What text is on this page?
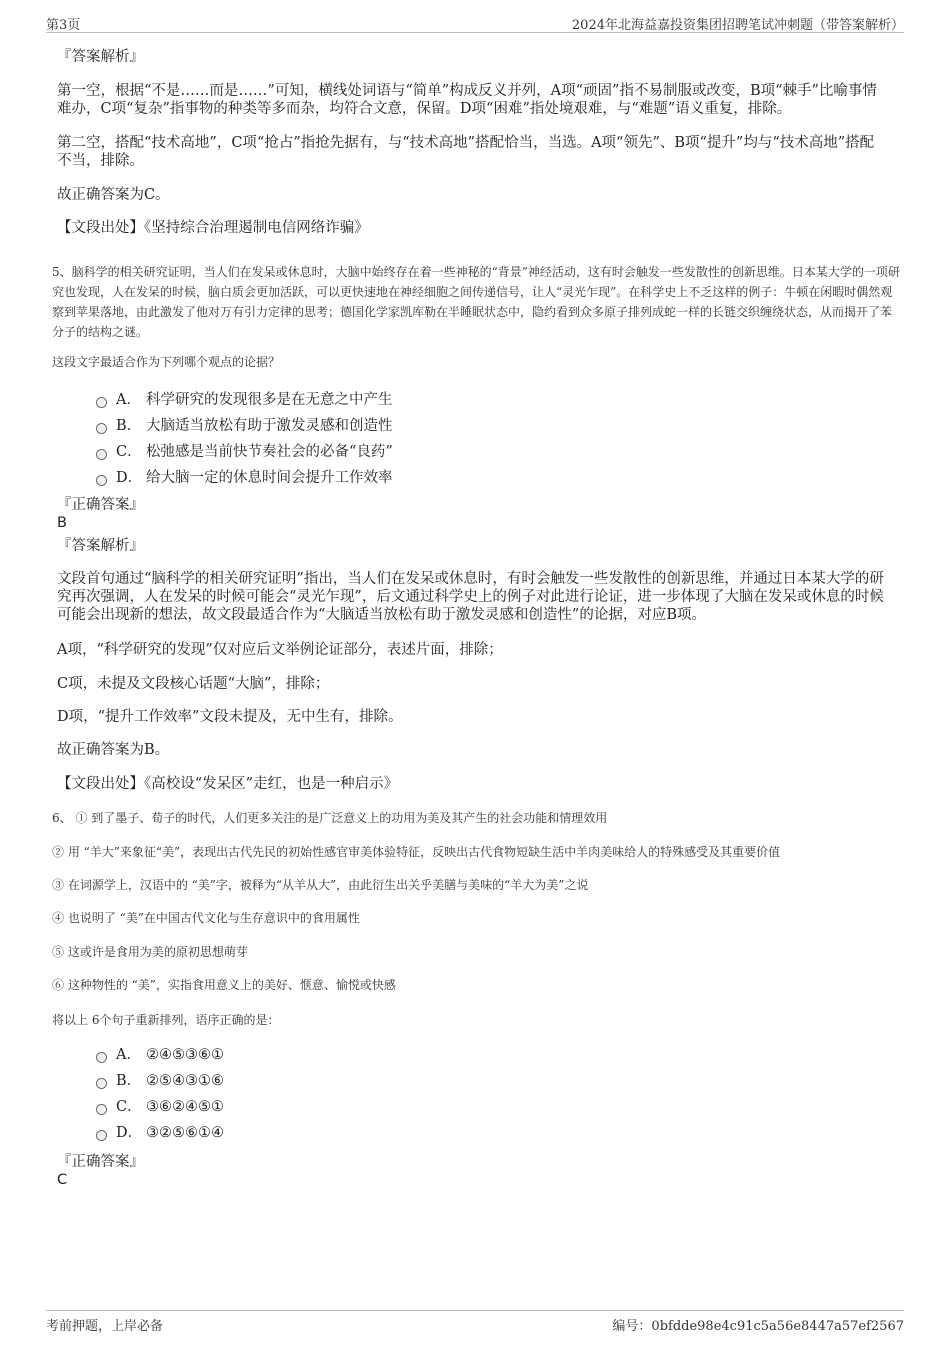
第3页	2024年北海益嘉投资集团招聘笔试冲刺题（带答案解析）
『答案解析』
第一空，根据“不是……而是……”可知，横线处词语与“简单”构成反义并列，A项“顽固”指不易制服或改变，B项“棘手”比喻事情难办，C项“复杂”指事物的种类等多而杂，均符合文意，保留。D项“困难”指处境艰难，与“难题”语义重复，排除。
第二空，搭配“技术高地”，C项“抢占”指抢先据有，与“技术高地”搭配恰当，当选。A项“领先”、B项“提升”均与“技术高地”搭配不当，排除。
故正确答案为C。
【文段出处】《坚持综合治理遏制电信网络诈骗》
5、脑科学的相关研究证明，当人们在发呆或休息时，大脑中始终存在着一些神秘的“背景”神经活动，这有时会触发一些发散性的创新思维。日本某大学的一项研究也发现，人在发呆的时候，脑白质会更加活跃，可以更快速地在神经细胞之间传递信号，让人“灵光乍现”。在科学史上不乏这样的例子：牛顿在闲暇时偶然观察到苹果落地，由此激发了他对万有引力定律的思考；德国化学家凯库勒在半睡眠状态中，隐约看到众多原子排列成蛇一样的长链交织缠绕状态，从而揭开了苯分子的结构之谜。
这段文字最适合作为下列哪个观点的论据？
A． 科学研究的发现很多是在无意之中产生
B． 大脑适当放松有助于激发灵感和创造性
C． 松弛感是当前快节奏社会的必备“良药”
D． 给大脑一定的休息时间会提升工作效率
『正确答案』
B
『答案解析』
文段首句通过“脑科学的相关研究证明”指出，当人们在发呆或休息时，有时会触发一些发散性的创新思维，并通过日本某大学的研究再次强调，人在发呆的时候可能会“灵光乍现”，后文通过科学史上的例子对此进行论证，进一步体现了大脑在发呆或休息的时候可能会出现新的想法，故文段最适合作为“大脑适当放松有助于激发灵感和创造性”的论据，对应B项。
A项，“科学研究的发现”仅对应后文举例论证部分，表述片面，排除；
C项，未提及文段核心话题“大脑”，排除；
D项，“提升工作效率”文段未提及，无中生有，排除。
故正确答案为B。
【文段出处】《高校设“发呆区”走红，也是一种启示》
6、 ① 到了墨子、荀子的时代，人们更多关注的是广泛意义上的功用为美及其产生的社会功能和情理效用
② 用 “羊大”来象征“美”，表现出古代先民的初始性感官审美体验特征，反映出古代食物短缺生活中羊肉美味给人的特殊感受及其重要价值
③ 在词源学上，汉语中的 “美”字，被释为“从羊从大”，由此衍生出关乎美膳与美味的“羊大为美”之说
④ 也说明了 “美”在中国古代文化与生存意识中的食用属性
⑤ 这或许是食用为美的原初思想萌芽
⑥ 这种物性的 “美”，实指食用意义上的美好、惬意、愉悦或快感
将以上 6个句子重新排列，语序正确的是：
A． ②④⑤③⑥①
B． ②⑤④③①⑥
C． ③⑥②④⑤①
D． ③②⑤⑥①④
『正确答案』
C
考前押题，上岸必备	编号：0bfdde98e4c91c5a56e8447a57ef2567
